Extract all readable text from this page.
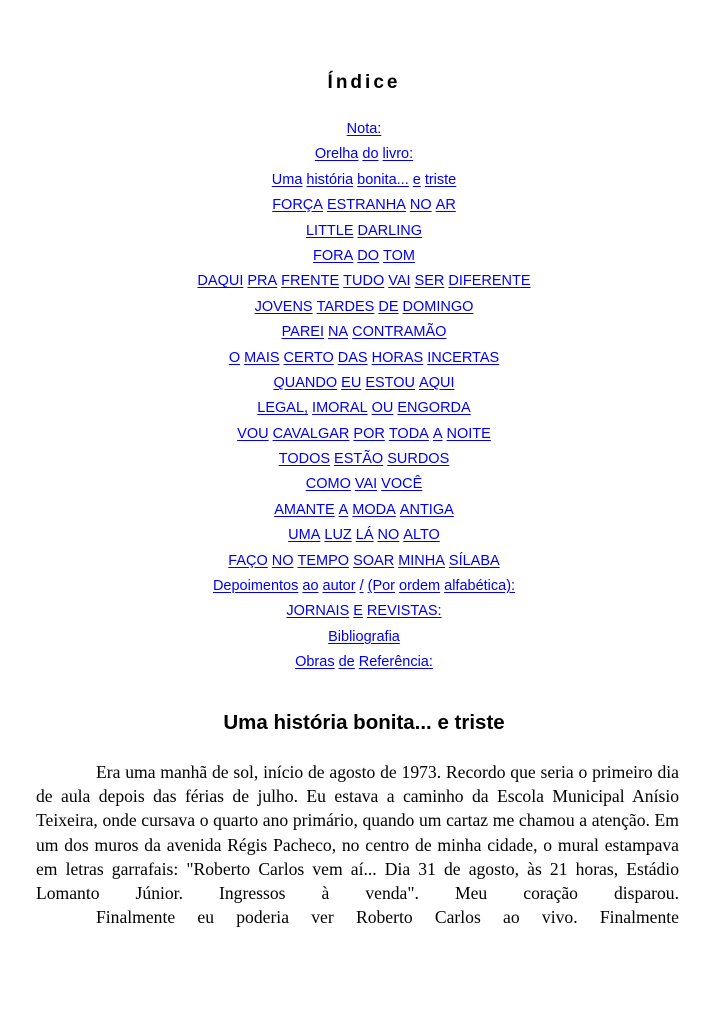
Índice
Nota:
Orelha do livro:
Uma história bonita... e triste
FORÇA ESTRANHA NO AR
LITTLE DARLING
FORA DO TOM
DAQUI PRA FRENTE TUDO VAI SER DIFERENTE
JOVENS TARDES DE DOMINGO
PAREI NA CONTRAMÃO
O MAIS CERTO DAS HORAS INCERTAS
QUANDO EU ESTOU AQUI
LEGAL, IMORAL OU ENGORDA
VOU CAVALGAR POR TODA A NOITE
TODOS ESTÃO SURDOS
COMO VAI VOCÊ
AMANTE A MODA ANTIGA
UMA LUZ LÁ NO ALTO
FAÇO NO TEMPO SOAR MINHA SÍLABA
Depoimentos ao autor / (Por ordem alfabética):
JORNAIS E REVISTAS:
Bibliografia
Obras de Referência:
Uma história bonita... e triste

Era uma manhã de sol, início de agosto de 1973. Recordo que seria o primeiro dia de aula depois das férias de julho. Eu estava a caminho da Escola Municipal Anísio Teixeira, onde cursava o quarto ano primário, quando um cartaz me chamou a atenção. Em um dos muros da avenida Régis Pacheco, no centro de minha cidade, o mural estampava em letras garrafais: "Roberto Carlos vem aí... Dia 31 de agosto, às 21 horas, Estádio Lomanto Júnior. Ingressos à venda". Meu coração disparou.

Finalmente eu poderia ver Roberto Carlos ao vivo. Finalmente
